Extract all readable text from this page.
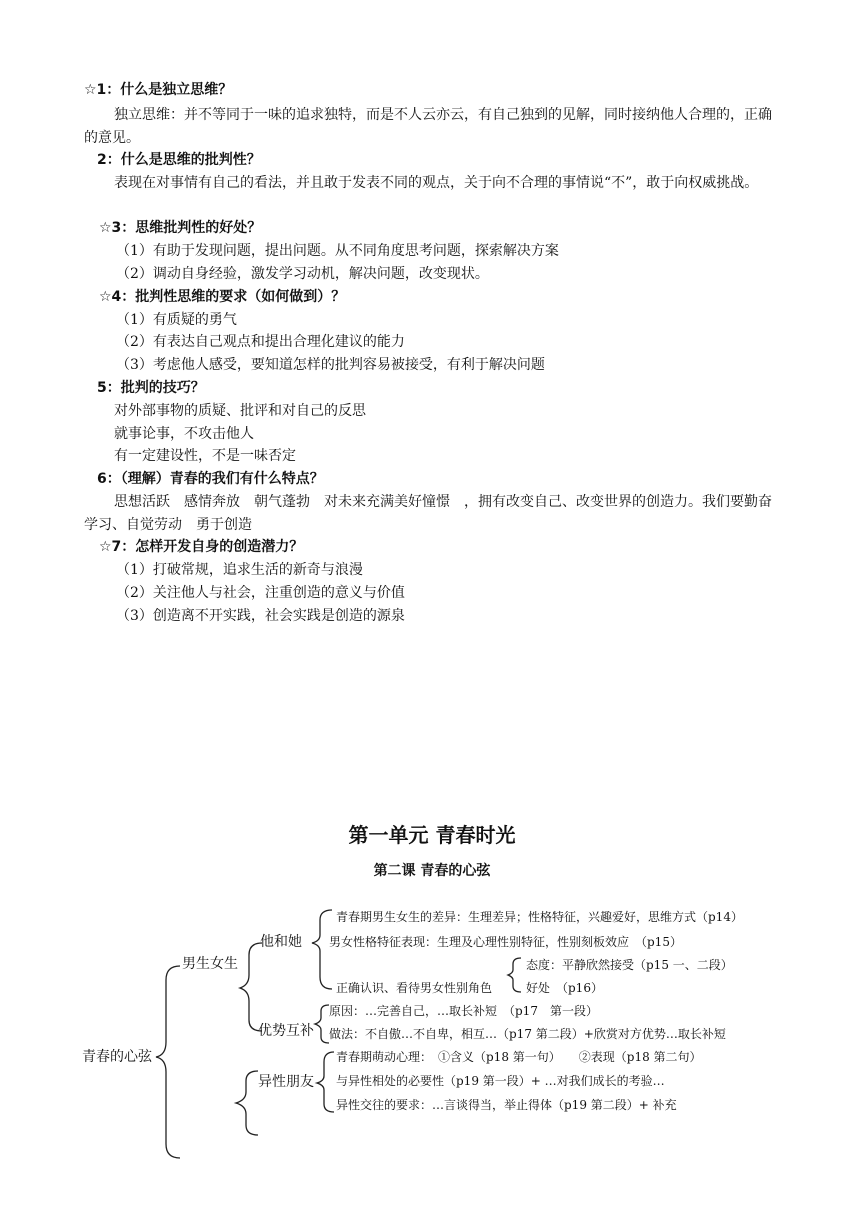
☆1：什么是独立思维？
独立思维：并不等同于一味的追求独特，而是不人云亦云，有自己独到的见解，同时接纳他人合理的，正确的意见。
2：什么是思维的批判性？
表现在对事情有自己的看法，并且敢于发表不同的观点，关于向不合理的事情说“不”，敢于向权威挑战。
☆3：思维批判性的好处？
（1）有助于发现问题，提出问题。从不同角度思考问题，探索解决方案
（2）调动自身经验，激发学习动机，解决问题，改变现状。
☆4：批判性思维的要求（如何做到）？
（1）有质疑的勇气
（2）有表达自己观点和提出合理化建议的能力
（3）考虑他人感受，要知道怎样的批判容易被接受，有利于解决问题
5：批判的技巧？
对外部事物的质疑、批评和对自己的反思
就事论事，不攻击他人
有一定建设性，不是一味否定
6：（理解）青春的我们有什么特点？
思想活跃　感情奔放　朝气蓬勃　对未来充满美好憧憬　，拥有改变自己、改变世界的创造力。我们要勤奋学习、自觉劳动　勇于创造
☆7：怎样开发自身的创造潜力？
（1）打破常规，追求生活的新奇与浪漫
（2）关注他人与社会，注重创造的意义与价值
（3）创造离不开实践，社会实践是创造的源泉
第一单元 青春时光
第二课 青春的心弦
青春的心弦
男生女生
他和她
优势互补
异性朋友
青春期男生女生的差异：生理差异；性格特征，兴趣爱好，思维方式（p14）
男女性格特征表现：生理及心理性别特征，性别刻板效应　（p15）
正确认识、看待男女性别角色
态度：平静欣然接受（p15 一、二段）
好处　（p16）
原因：…完善自己，…取长补短　（p17　第一段）
做法：不自傲…不自卑，相互…（p17 第二段）+欣赏对方优势…取长补短
青春期萌动心理：　①含义（p18 第一句）　　②表现（p18 第二句）
与异性相处的必要性（p19 第一段）+ …对我们成长的考验…
异性交往的要求：…言谈得当，举止得体（p19 第二段）+ 补充
